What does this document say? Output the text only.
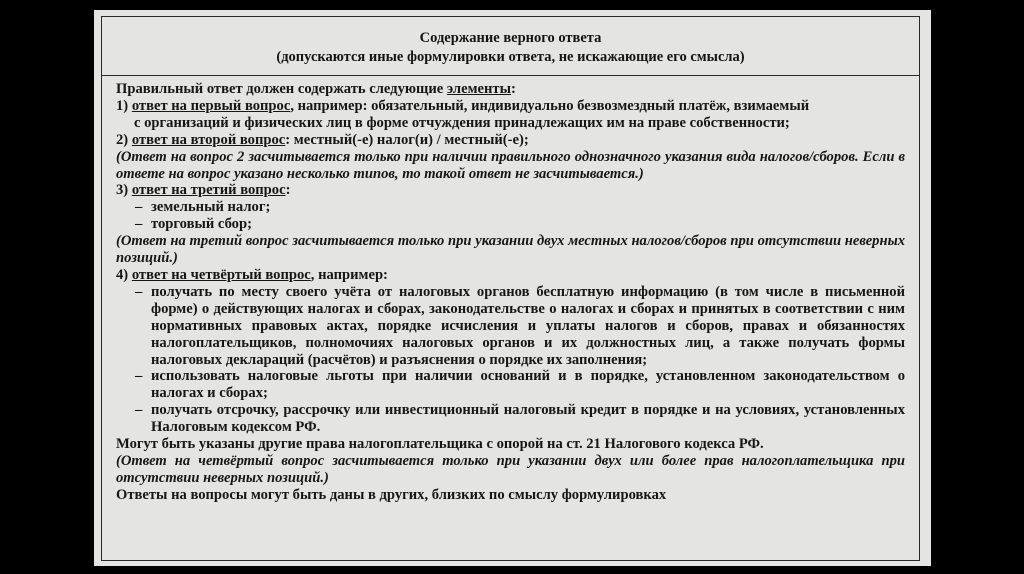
Содержание верного ответа
(допускаются иные формулировки ответа, не искажающие его смысла)

Правильный ответ должен содержать следующие элементы:

1) ответ на первый вопрос, например: обязательный, индивидуально безвозмездный платёж, взимаемый

с организаций и физических лиц в форме отчуждения принадлежащих им на праве собственности;

2) ответ на второй вопрос: местный(-е) налог(и) / местный(-е);

(Ответ на вопрос 2 засчитывается только при наличии правильного однозначного указания вида налогов/сборов. Если в ответе на вопрос указано несколько типов, то такой ответ не засчитывается.)

3) ответ на третий вопрос:

– земельный налог;
– торговый сбор;

(Ответ на третий вопрос засчитывается только при указании двух местных налогов/сборов при отсутствии неверных позиций.)

4) ответ на четвёртый вопрос, например:

– получать по месту своего учёта от налоговых органов бесплатную информацию (в том числе в письменной форме) о действующих налогах и сборах, законодательстве о налогах и сборах и принятых в соответствии с ним нормативных правовых актах, порядке исчисления и уплаты налогов и сборов, правах и обязанностях налогоплательщиков, полномочиях налоговых органов и их должностных лиц, а также получать формы налоговых деклараций (расчётов) и разъяснения о порядке их заполнения;
– использовать налоговые льготы при наличии оснований и в порядке, установленном законодательством о налогах и сборах;
– получать отсрочку, рассрочку или инвестиционный налоговый кредит в порядке и на условиях, установленных Налоговым кодексом РФ.

Могут быть указаны другие права налогоплательщика с опорой на ст. 21 Налогового кодекса РФ.

(Ответ на четвёртый вопрос засчитывается только при указании двух или более прав налогоплательщика при отсутствии неверных позиций.)

Ответы на вопросы могут быть даны в других, близких по смыслу формулировках
